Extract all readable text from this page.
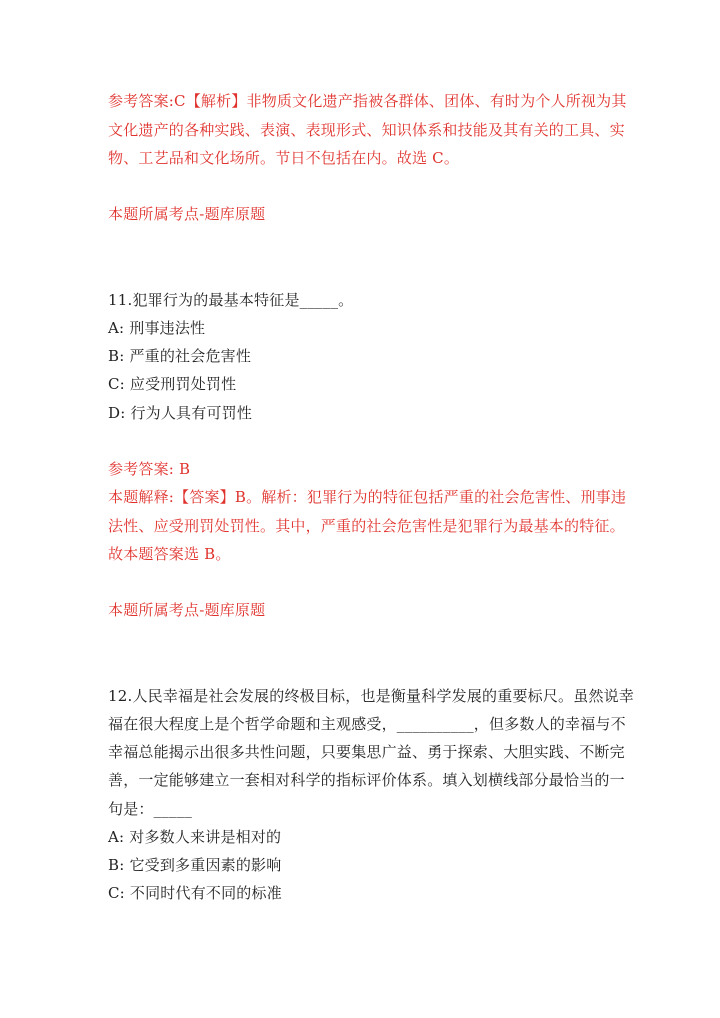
参考答案:C【解析】非物质文化遗产指被各群体、团体、有时为个人所视为其
文化遗产的各种实践、表演、表现形式、知识体系和技能及其有关的工具、实
物、工艺品和文化场所。节日不包括在内。故选 C。
本题所属考点-题库原题
11.犯罪行为的最基本特征是_____。
A: 刑事违法性
B: 严重的社会危害性
C: 应受刑罚处罚性
D: 行为人具有可罚性
参考答案: B
本题解释:【答案】B。解析：犯罪行为的特征包括严重的社会危害性、刑事违
法性、应受刑罚处罚性。其中，严重的社会危害性是犯罪行为最基本的特征。
故本题答案选 B。
本题所属考点-题库原题
12.人民幸福是社会发展的终极目标，也是衡量科学发展的重要标尺。虽然说幸
福在很大程度上是个哲学命题和主观感受，__________，但多数人的幸福与不
幸福总能揭示出很多共性问题，只要集思广益、勇于探索、大胆实践、不断完
善，一定能够建立一套相对科学的指标评价体系。填入划横线部分最恰当的一
句是：_____
A: 对多数人来讲是相对的
B: 它受到多重因素的影响
C: 不同时代有不同的标准
